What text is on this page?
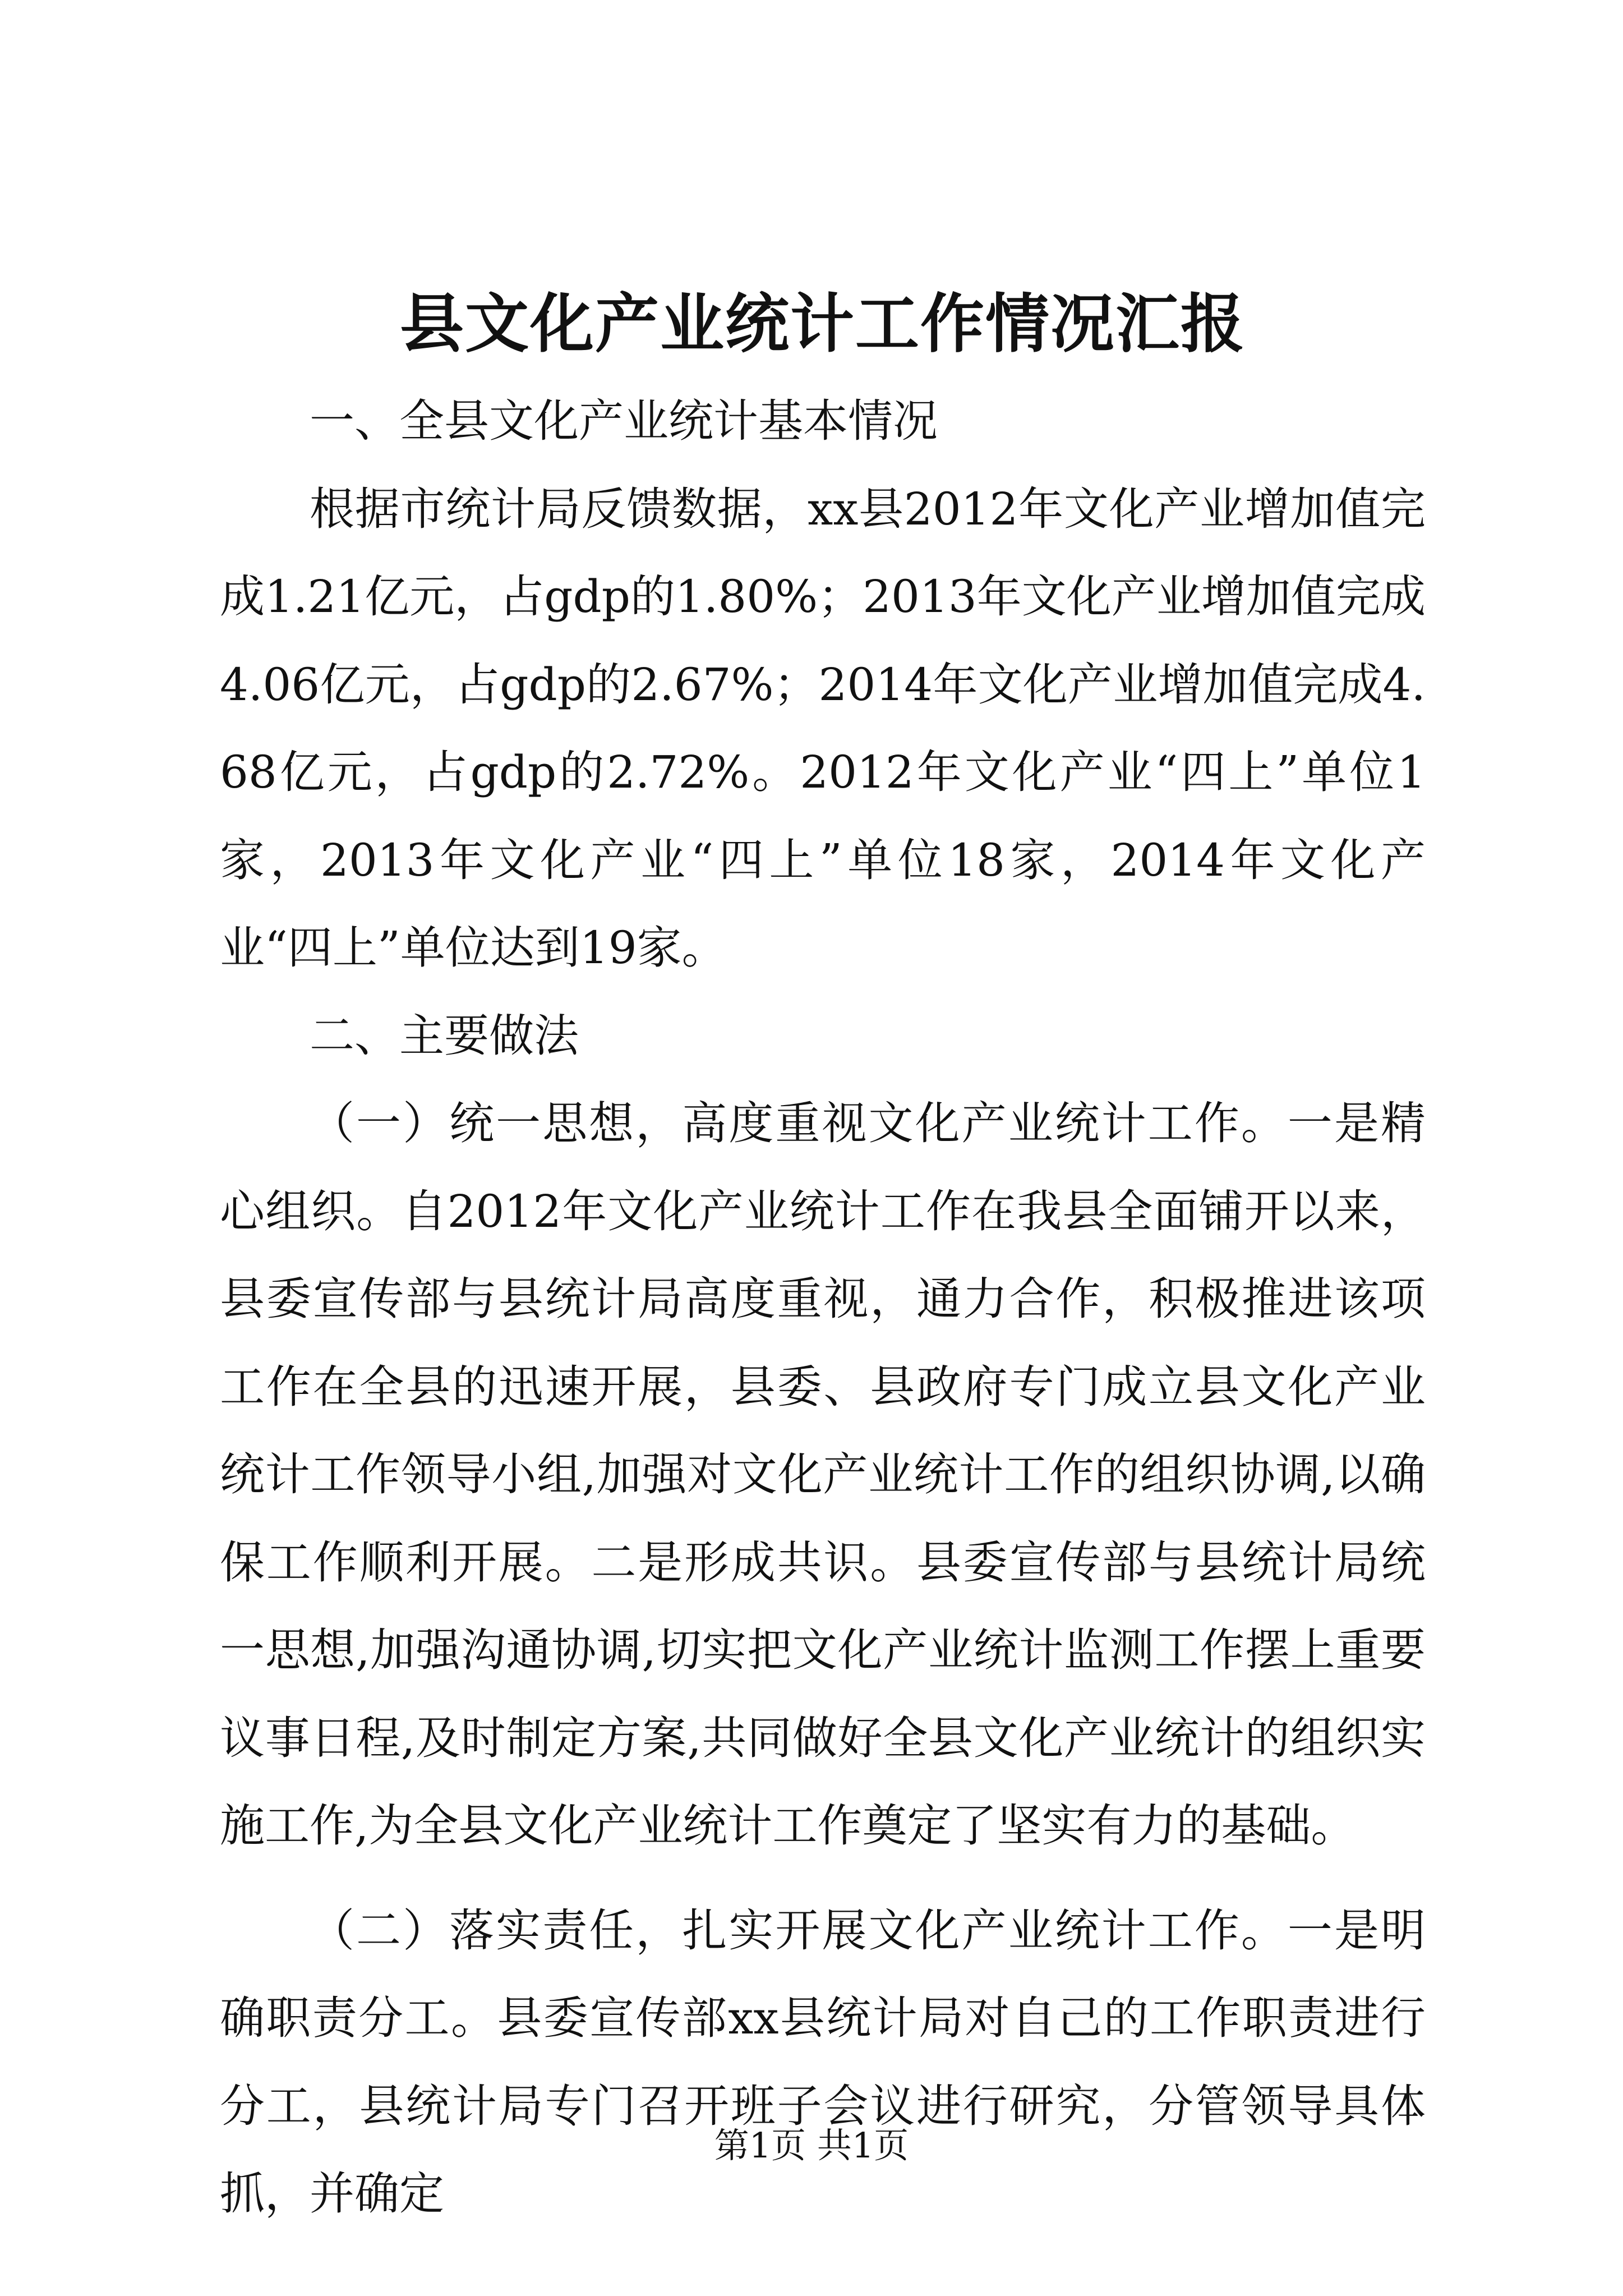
县文化产业统计工作情况汇报

一、全县文化产业统计基本情况

根据市统计局反馈数据，xx县2012年文化产业增加值完成1.21亿元，占gdp的1.80%；2013年文化产业增加值完成4.06亿元，占gdp的2.67%；2014年文化产业增加值完成4.68亿元，占gdp的2.72%。2012年文化产业“四上”单位1家，2013年文化产业“四上”单位18家，2014年文化产业“四上”单位达到19家。

二、主要做法

（一）统一思想，高度重视文化产业统计工作。一是精心组织。自2012年文化产业统计工作在我县全面铺开以来，县委宣传部与县统计局高度重视，通力合作，积极推进该项工作在全县的迅速开展，县委、县政府专门成立县文化产业统计工作领导小组,加强对文化产业统计工作的组织协调,以确保工作顺利开展。二是形成共识。县委宣传部与县统计局统一思想,加强沟通协调,切实把文化产业统计监测工作摆上重要议事日程,及时制定方案,共同做好全县文化产业统计的组织实施工作,为全县文化产业统计工作奠定了坚实有力的基础。

（二）落实责任，扎实开展文化产业统计工作。一是明确职责分工。县委宣传部xx县统计局对自己的工作职责进行分工，县统计局专门召开班子会议进行研究，分管领导具体抓，并确定

第1页 共1页
